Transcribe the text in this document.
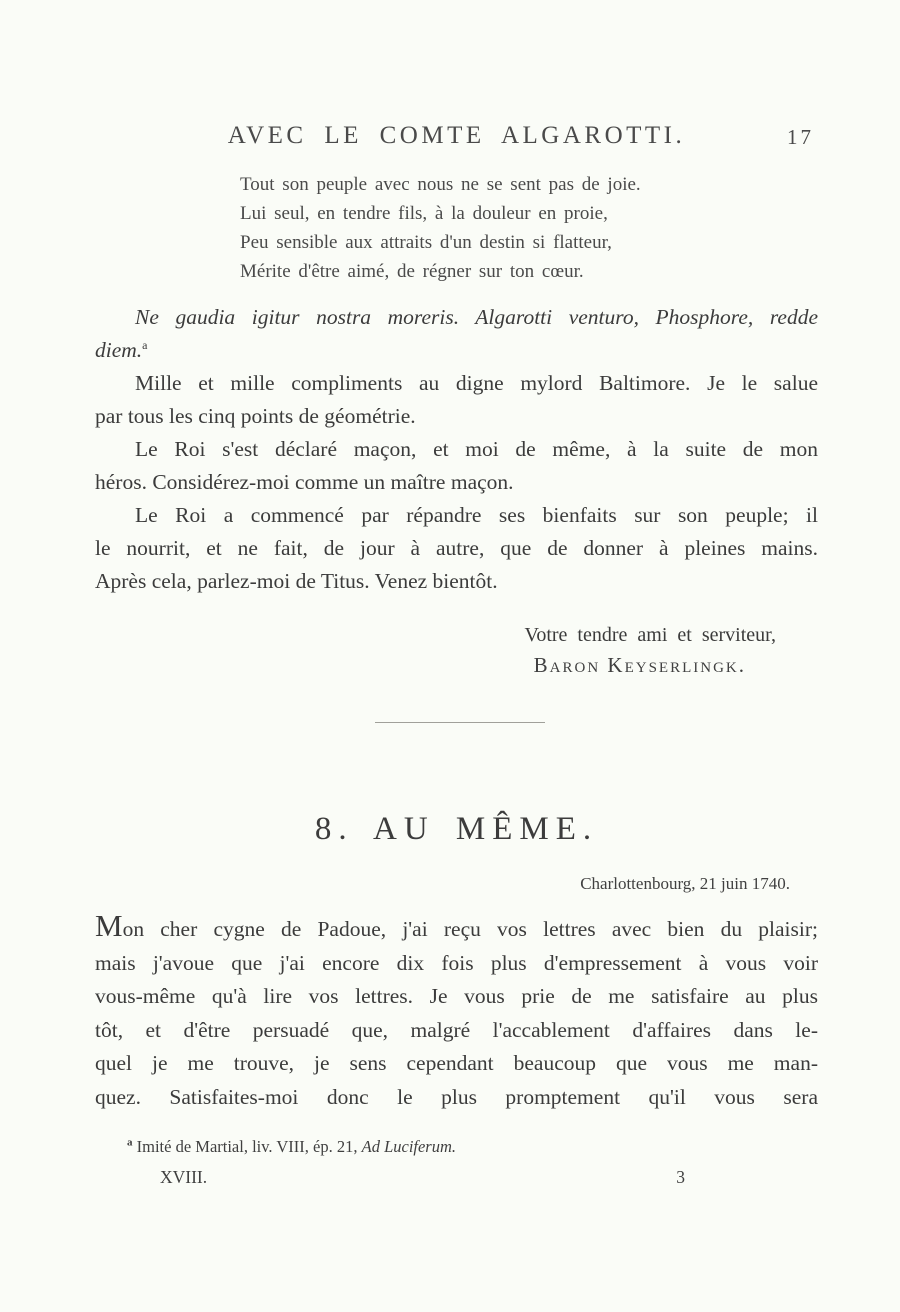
AVEC LE COMTE ALGAROTTI.	17
Tout son peuple avec nous ne se sent pas de joie.
Lui seul, en tendre fils, à la douleur en proie,
Peu sensible aux attraits d'un destin si flatteur,
Mérite d'être aimé, de régner sur ton cœur.
Ne gaudia igitur nostra moreris. Algarotti venturo, Phosphore, redde
diem.$^a$
Mille et mille compliments au digne mylord Baltimore. Je le salue
par tous les cinq points de géométrie.
Le Roi s'est déclaré maçon, et moi de même, à la suite de mon
héros. Considérez-moi comme un maître maçon.
Le Roi a commencé par répandre ses bienfaits sur son peuple; il
le nourrit, et ne fait, de jour à autre, que de donner à pleines mains.
Après cela, parlez-moi de Titus. Venez bientôt.
Votre tendre ami et serviteur,
Baron Keyserlingk.
8. AU MÊME.
Charlottenbourg, 21 juin 1740.
Mon cher cygne de Padoue, j'ai reçu vos lettres avec bien du plaisir;
mais j'avoue que j'ai encore dix fois plus d'empressement à vous voir
vous-même qu'à lire vos lettres. Je vous prie de me satisfaire au plus
tôt, et d'être persuadé que, malgré l'accablement d'affaires dans le-
quel je me trouve, je sens cependant beaucoup que vous me man-
quez. Satisfaites-moi donc le plus promptement qu'il vous sera
$^a$ Imité de Martial, liv. VIII, ép. 21, Ad Luciferum.
XVIII.	3
